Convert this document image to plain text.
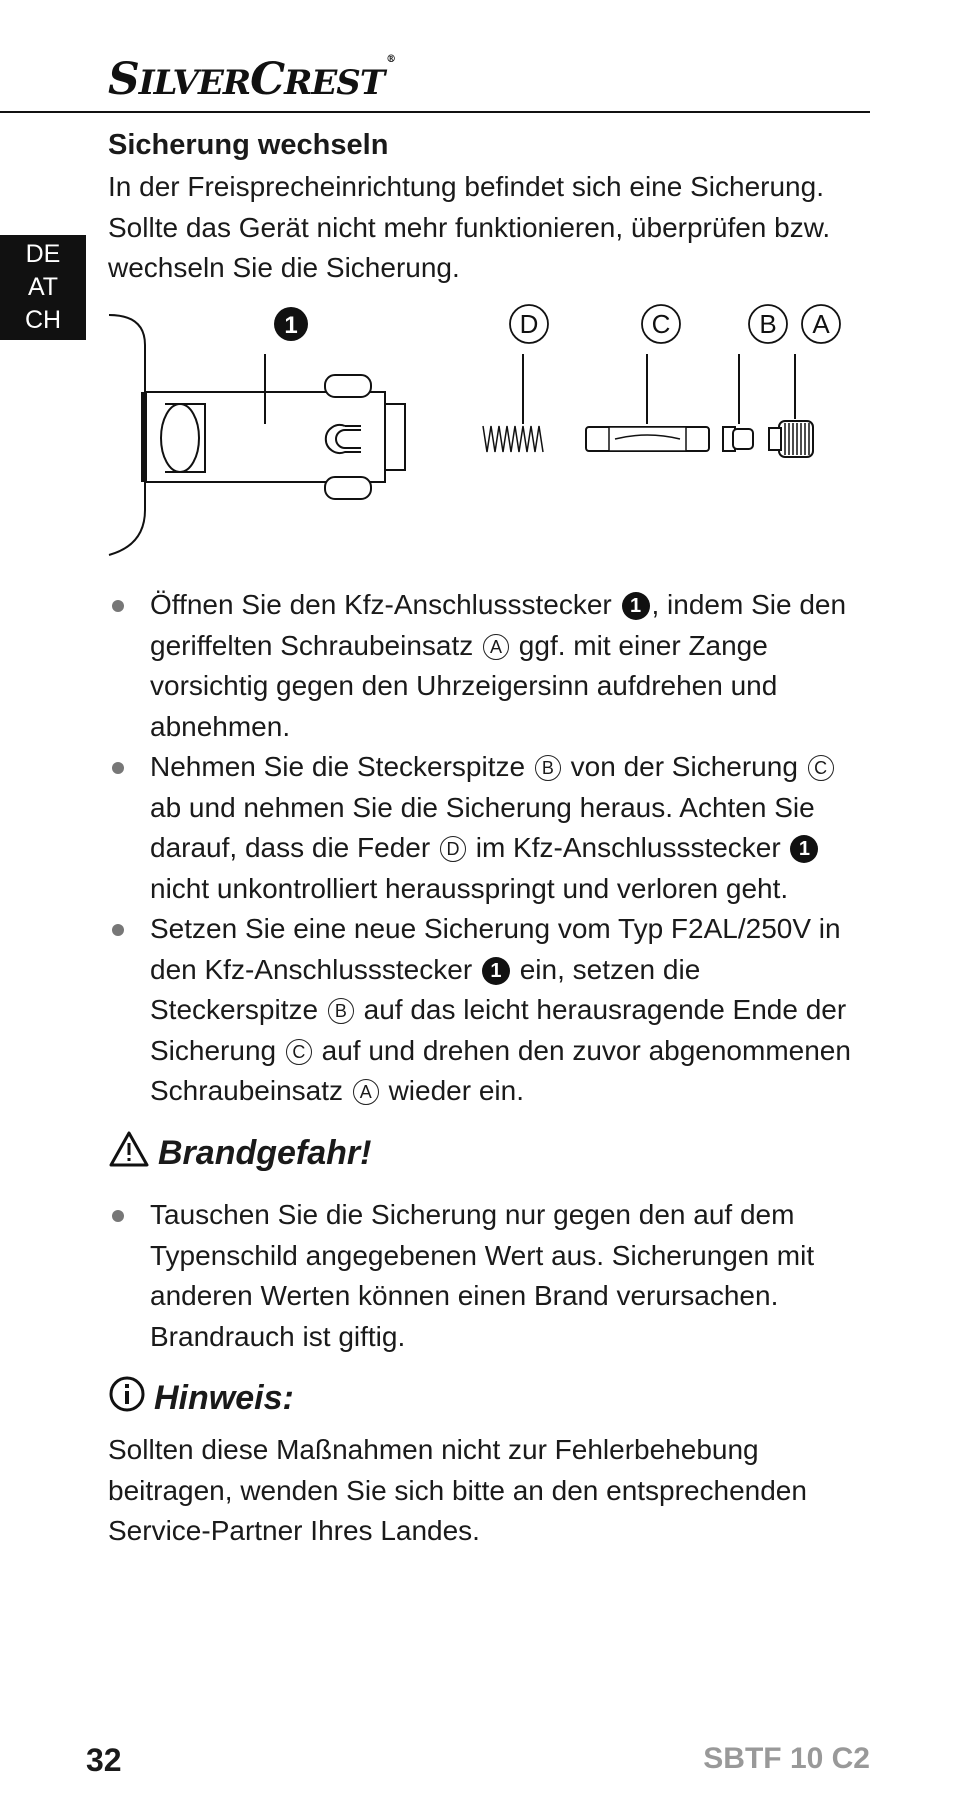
SILVERCREST®
DE
AT
CH
Sicherung wechseln

In der Freisprecheinrichtung befindet sich eine Sicherung. Sollte das Gerät nicht mehr funktionieren, überprüfen bzw. wechseln Sie die Sicherung.

1	D	C	B A
Öffnen Sie den Kfz-Anschlussstecker 1 , indem Sie den geriffelten Schraubeinsatz A ggf. mit einer Zange vorsichtig gegen den Uhrzeigersinn aufdrehen und abnehmen.
Nehmen Sie die Steckerspitze B von der Sicherung C ab und nehmen Sie die Sicherung heraus. Achten Sie darauf, dass die Feder D im Kfz-Anschlussstecker 1 nicht unkontrolliert herausspringt und verloren geht.
Setzen Sie eine neue Sicherung vom Typ F2AL/250V in den Kfz-Anschlussstecker 1 ein, setzen die Steckerspitze B auf das leicht herausragende Ende der Sicherung C auf und drehen den zuvor abgenommenen Schraubeinsatz A wieder ein.
Brandgefahr!
Tauschen Sie die Sicherung nur gegen den auf dem Typenschild angegebenen Wert aus. Sicherungen mit anderen Werten können einen Brand verursachen. Brandrauch ist giftig.
Hinweis:

Sollten diese Maßnahmen nicht zur Fehlerbehebung beitragen, wenden Sie sich bitte an den entsprechenden Service-Partner Ihres Landes.

32	SBTF 10 C2
